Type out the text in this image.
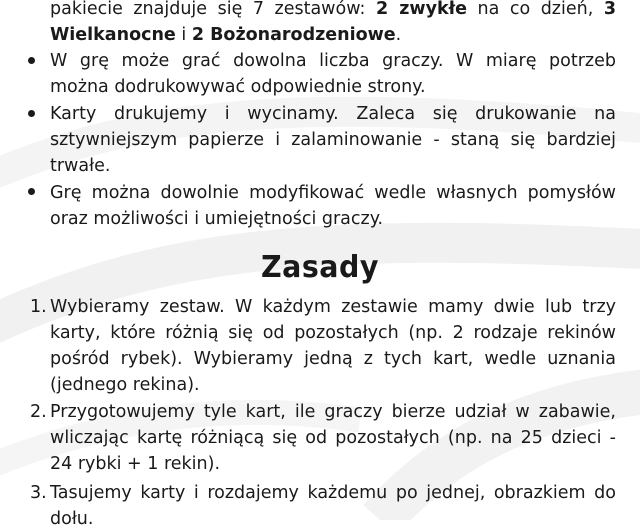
pakiecie znajduje się 7 zestawów: 2 zwykłe na co dzień, 3 Wielkanocne i 2 Bożonarodzeniowe.

W grę może grać dowolna liczba graczy. W miarę potrzeb można dodrukowywać odpowiednie strony.

Karty drukujemy i wycinamy. Zaleca się drukowanie na sztywniejszym papierze i zalaminowanie - staną się bardziej trwałe.

Grę można dowolnie modyfikować wedle własnych pomysłów oraz możliwości i umiejętności graczy.

Zasady
1. Wybieramy zestaw. W każdym zestawie mamy dwie lub trzy karty, które różnią się od pozostałych (np. 2 rodzaje rekinów pośród rybek). Wybieramy jedną z tych kart, wedle uznania (jednego rekina).

2. Przygotowujemy tyle kart, ile graczy bierze udział w zabawie, wliczając kartę różniącą się od pozostałych (np. na 25 dzieci - 24 rybki + 1 rekin).

3. Tasujemy karty i rozdajemy każdemu po jednej, obrazkiem do dołu.
